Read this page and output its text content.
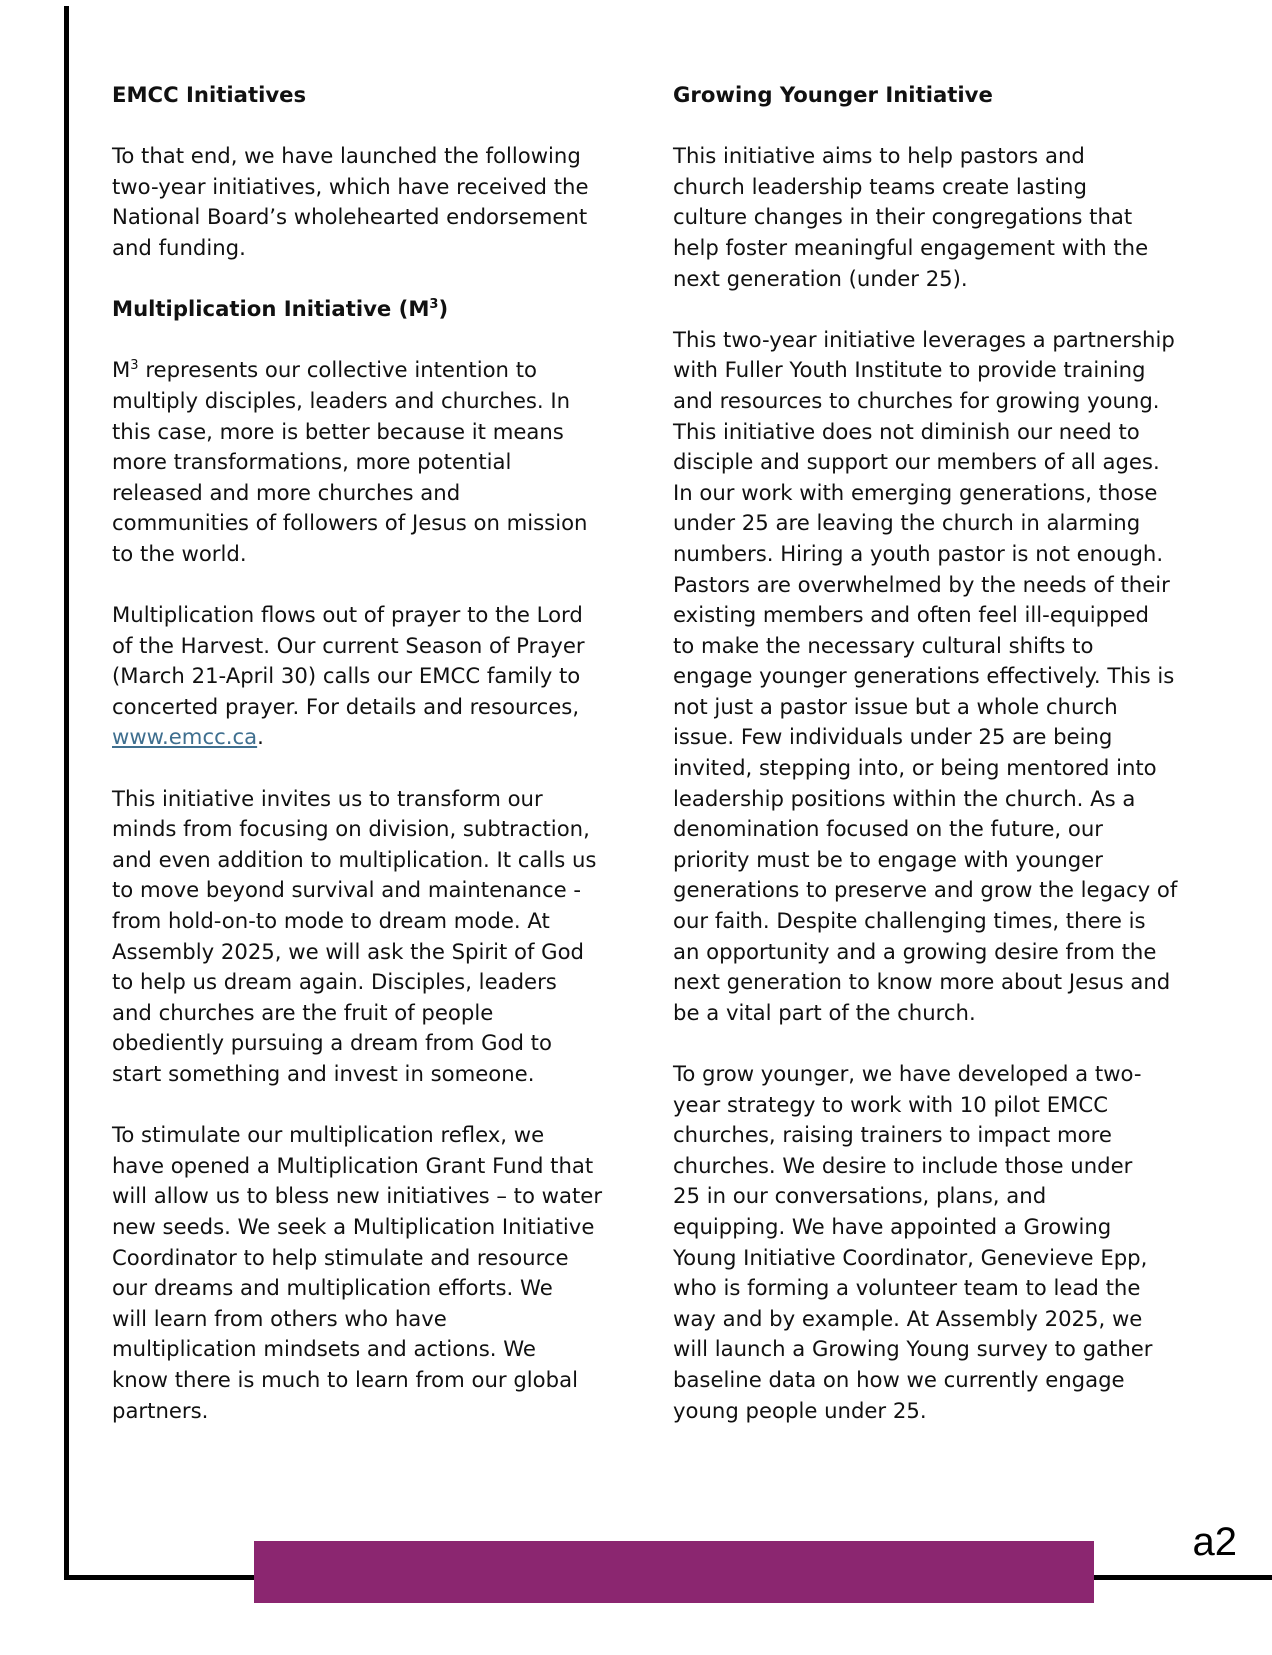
a2
EMCC Initiatives
To that end, we have launched the following
two-year initiatives, which have received the
National Board’s wholehearted endorsement
and funding.
Multiplication Initiative $(M^3)$
$M^3$ represents our collective intention to
multiply disciples, leaders and churches. In
this case, more is better because it means
more transformations, more potential
released and more churches and
communities of followers of Jesus on mission
to the world.
Multiplication flows out of prayer to the Lord
of the Harvest. Our current Season of Prayer
(March 21-April 30) calls our EMCC family to
concerted prayer. For details and resources,
www.emcc.ca.
This initiative invites us to transform our
minds from focusing on division, subtraction,
and even addition to multiplication. It calls us
to move beyond survival and maintenance -
from hold-on-to mode to dream mode. At
Assembly 2025, we will ask the Spirit of God
to help us dream again. Disciples, leaders
and churches are the fruit of people
obediently pursuing a dream from God to
start something and invest in someone.
To stimulate our multiplication reflex, we
have opened a Multiplication Grant Fund that
will allow us to bless new initiatives – to water
new seeds. We seek a Multiplication Initiative
Coordinator to help stimulate and resource
our dreams and multiplication efforts. We
will learn from others who have
multiplication mindsets and actions. We
know there is much to learn from our global
partners.
Growing Younger Initiative
This initiative aims to help pastors and
church leadership teams create lasting
culture changes in their congregations that
help foster meaningful engagement with the
next generation (under 25).
This two-year initiative leverages a partnership
with Fuller Youth Institute to provide training
and resources to churches for growing young.
This initiative does not diminish our need to
disciple and support our members of all ages.
In our work with emerging generations, those
under 25 are leaving the church in alarming
numbers. Hiring a youth pastor is not enough.
Pastors are overwhelmed by the needs of their
existing members and often feel ill-equipped
to make the necessary cultural shifts to
engage younger generations effectively. This is
not just a pastor issue but a whole church
issue. Few individuals under 25 are being
invited, stepping into, or being mentored into
leadership positions within the church. As a
denomination focused on the future, our
priority must be to engage with younger
generations to preserve and grow the legacy of
our faith. Despite challenging times, there is
an opportunity and a growing desire from the
next generation to know more about Jesus and
be a vital part of the church.
To grow younger, we have developed a two-
year strategy to work with 10 pilot EMCC
churches, raising trainers to impact more
churches. We desire to include those under
25 in our conversations, plans, and
equipping. We have appointed a Growing
Young Initiative Coordinator, Genevieve Epp,
who is forming a volunteer team to lead the
way and by example. At Assembly 2025, we
will launch a Growing Young survey to gather
baseline data on how we currently engage
young people under 25.
